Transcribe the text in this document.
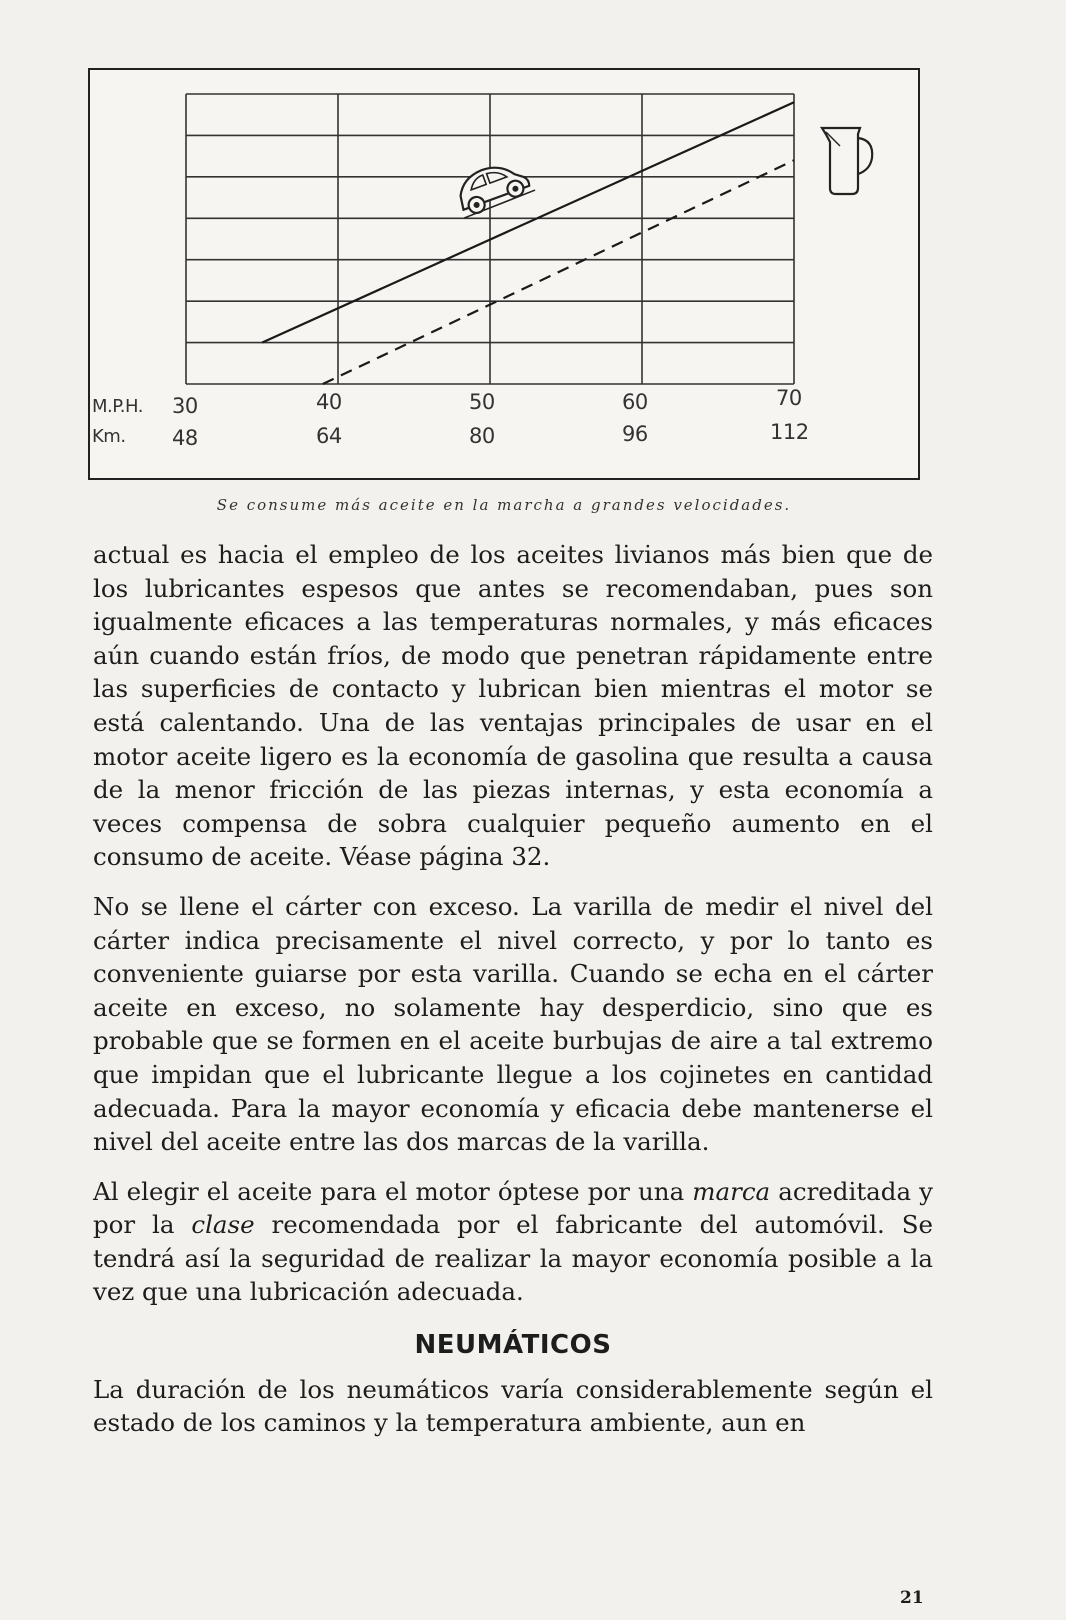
M.P.H.
Km.
30	40	50	60	70
48	64	80	96	112
Se consume más aceite en la marcha a grandes velocidades.

actual es hacia el empleo de los aceites livianos más bien que de los lubricantes espesos que antes se recomendaban, pues son igualmente eficaces a las temperaturas normales, y más eficaces aún cuando están fríos, de modo que penetran rápidamente entre las superficies de contacto y lubrican bien mientras el motor se está calentando. Una de las ventajas principales de usar en el motor aceite ligero es la economía de gasolina que resulta a causa de la menor fricción de las piezas internas, y esta economía a veces compensa de sobra cualquier pequeño aumento en el consumo de aceite. Véase página 32.

No se llene el cárter con exceso. La varilla de medir el nivel del cárter indica precisamente el nivel correcto, y por lo tanto es conveniente guiarse por esta varilla. Cuando se echa en el cárter aceite en exceso, no solamente hay desperdicio, sino que es probable que se formen en el aceite burbujas de aire a tal extremo que impidan que el lubricante llegue a los cojinetes en cantidad adecuada. Para la mayor economía y eficacia debe mantenerse el nivel del aceite entre las dos marcas de la varilla.

Al elegir el aceite para el motor óptese por una marca acreditada y por la clase recomendada por el fabricante del automóvil. Se tendrá así la seguridad de realizar la mayor economía posible a la vez que una lubricación adecuada.

NEUMÁTICOS

La duración de los neumáticos varía considerablemente según el estado de los caminos y la temperatura ambiente, aun en

21
